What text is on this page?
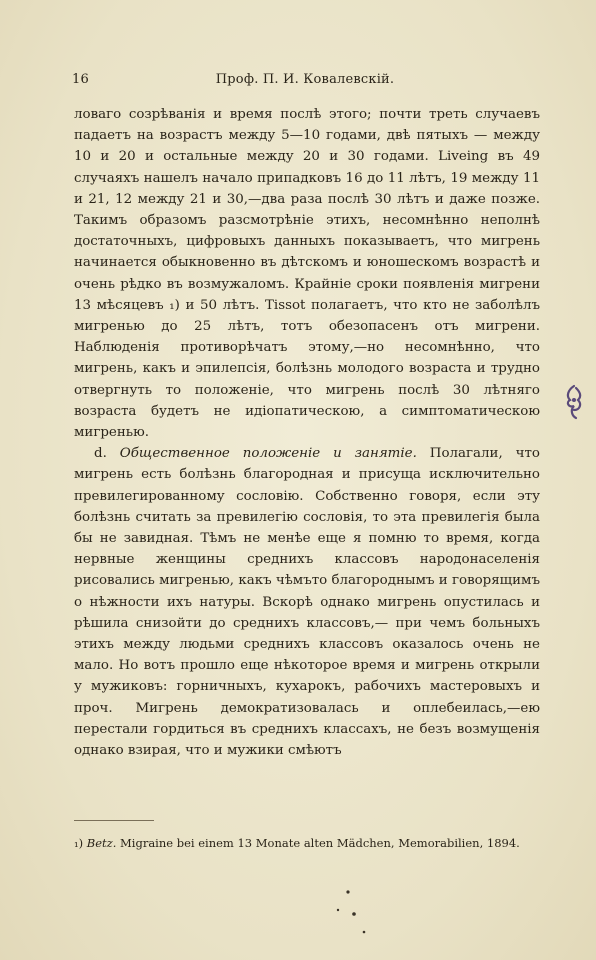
16	Проф. П. И. Ковалевскій.

ловаго созрѣванія и время послѣ этого; почти треть случаевъ падаетъ на возрастъ между 5—10 годами, двѣ пятыхъ — между 10 и 20 и остальные между 20 и 30 годами. Liveing въ 49 случаяхъ нашелъ начало припадковъ 16 до 11 лѣтъ, 19 между 11 и 21, 12 между 21 и 30,—два раза послѣ 30 лѣтъ и даже позже. Такимъ образомъ разсмотрѣніе этихъ, несомнѣнно неполнѣ достаточныхъ, цифровыхъ данныхъ показываетъ, что мигрень начинается обыкновенно въ дѣтскомъ и юношескомъ возрастѣ и очень рѣдко въ возмужаломъ. Крайніе сроки появленія мигрени 13 мѣсяцевъ ₁) и 50 лѣтъ. Tissot полагаетъ, что кто не заболѣлъ мигренью до 25 лѣтъ, тотъ обезопасенъ отъ мигрени. Наблюденія противорѣчатъ этому,—но несомнѣнно, что мигрень, какъ и эпилепсія, болѣзнь молодого возраста и трудно отвергнуть то положеніе, что мигрень послѣ 30 лѣтняго возраста будетъ не идіопатическою, а симптоматическою мигренью.

d. Общественное положеніе и занятіе. Полагали, что мигрень есть болѣзнь благородная и присуща исключительно превилегированному сословію. Собственно говоря, если эту болѣзнь считать за превилегію сословія, то эта превилегія была бы не завидная. Тѣмъ не менѣе еще я помню то время, когда нервные женщины среднихъ классовъ народонаселенія рисовались мигренью, какъ чѣмъто благороднымъ и говорящимъ о нѣжности ихъ натуры. Вскорѣ однако мигрень опустилась и рѣшила снизойти до среднихъ классовъ,— при чемъ больныхъ этихъ между людьми среднихъ классовъ оказалось очень не мало. Но вотъ прошло еще нѣкоторое время и мигрень открыли у мужиковъ: горничныхъ, кухарокъ, рабочихъ мастеровыхъ и проч. Мигрень демократизовалась и оплебеилась,—ею перестали гордиться въ среднихъ классахъ, не безъ возмущенія однако взирая, что и мужики смѣютъ

₁) Betz. Migraine bei einem 13 Monate alten Mädchen, Memorabilien, 1894.
